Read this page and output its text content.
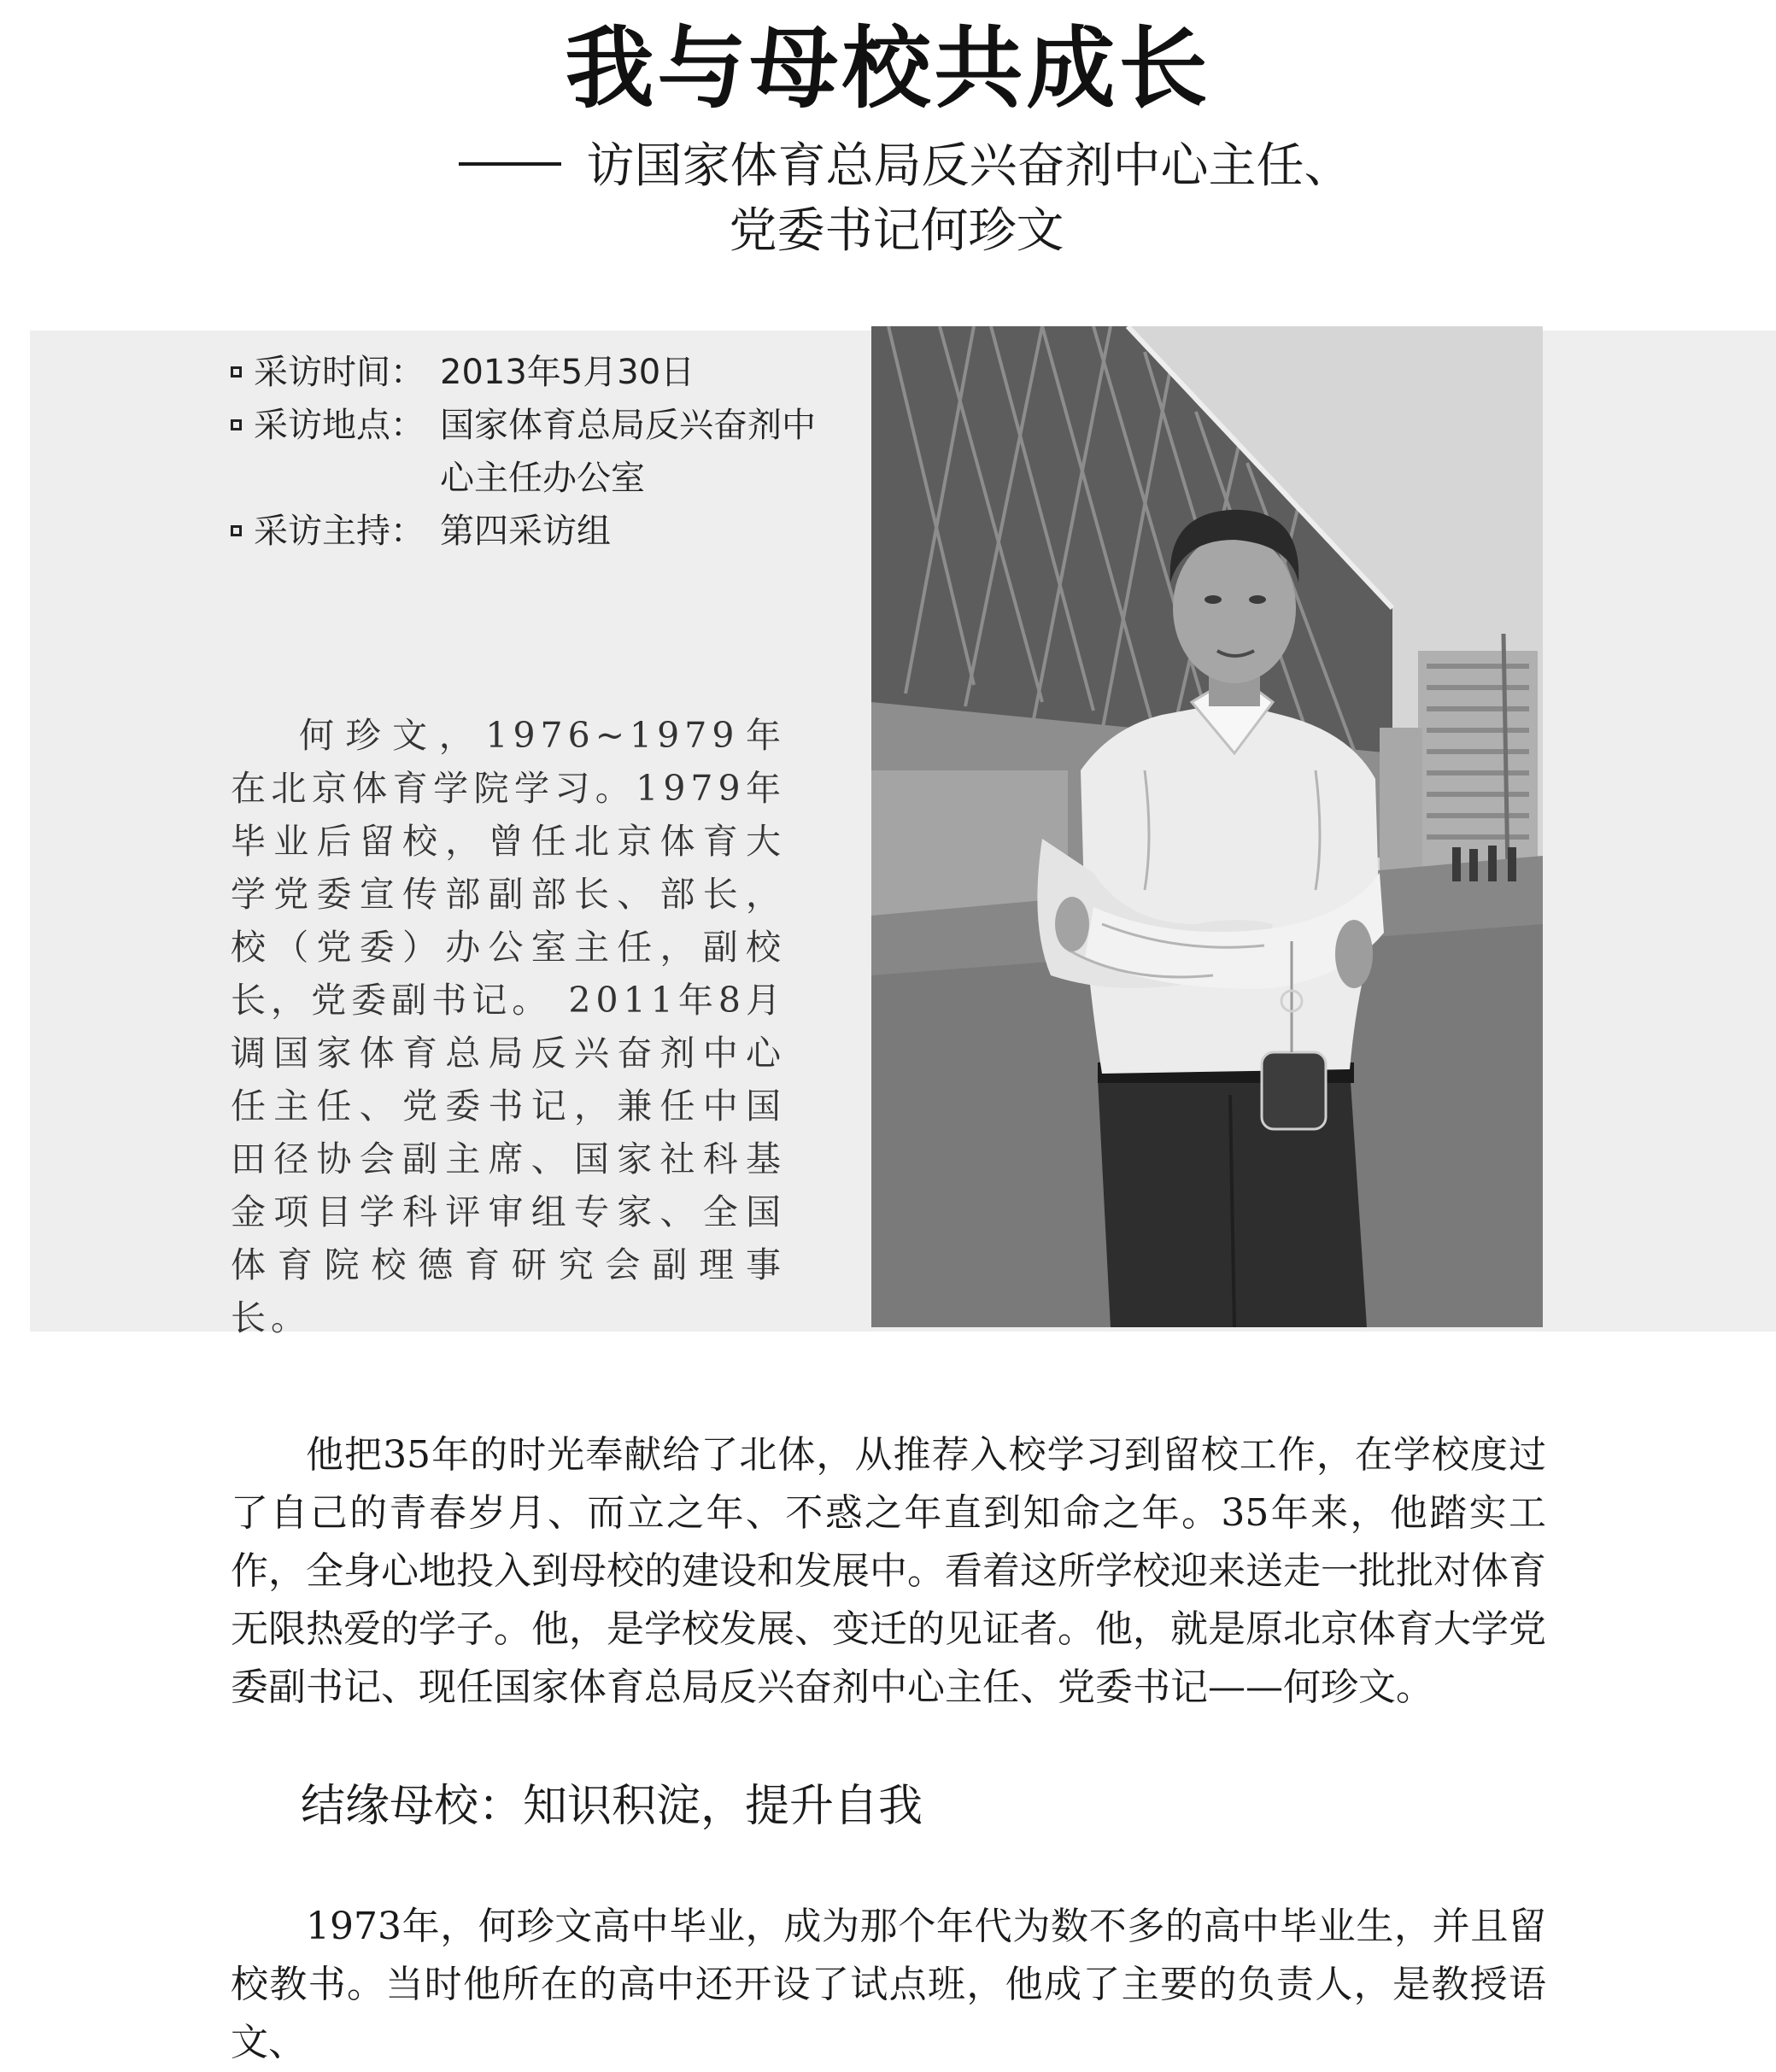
我与母校共成长
访国家体育总局反兴奋剂中心主任、
党委书记何珍文
采访时间： 2013年5月30日
采访地点： 国家体育总局反兴奋剂中心主任办公室
采访主持： 第四采访组
何珍文，1976~1979年在北京体育学院学习。1979年毕业后留校，曾任北京体育大学党委宣传部副部长、部长，校（党委）办公室主任，副校长，党委副书记。 2011年8月调国家体育总局反兴奋剂中心任主任、党委书记，兼任中国田径协会副主席、国家社科基金项目学科评审组专家、全国体育院校德育研究会副理事长。
他把35年的时光奉献给了北体，从推荐入校学习到留校工作，在学校度过了自己的青春岁月、而立之年、不惑之年直到知命之年。35年来，他踏实工作，全身心地投入到母校的建设和发展中。看着这所学校迎来送走一批批对体育无限热爱的学子。他，是学校发展、变迁的见证者。他，就是原北京体育大学党委副书记、现任国家体育总局反兴奋剂中心主任、党委书记——何珍文。
结缘母校：知识积淀，提升自我
1973年，何珍文高中毕业，成为那个年代为数不多的高中毕业生，并且留校教书。当时他所在的高中还开设了试点班，他成了主要的负责人，是教授语文、
